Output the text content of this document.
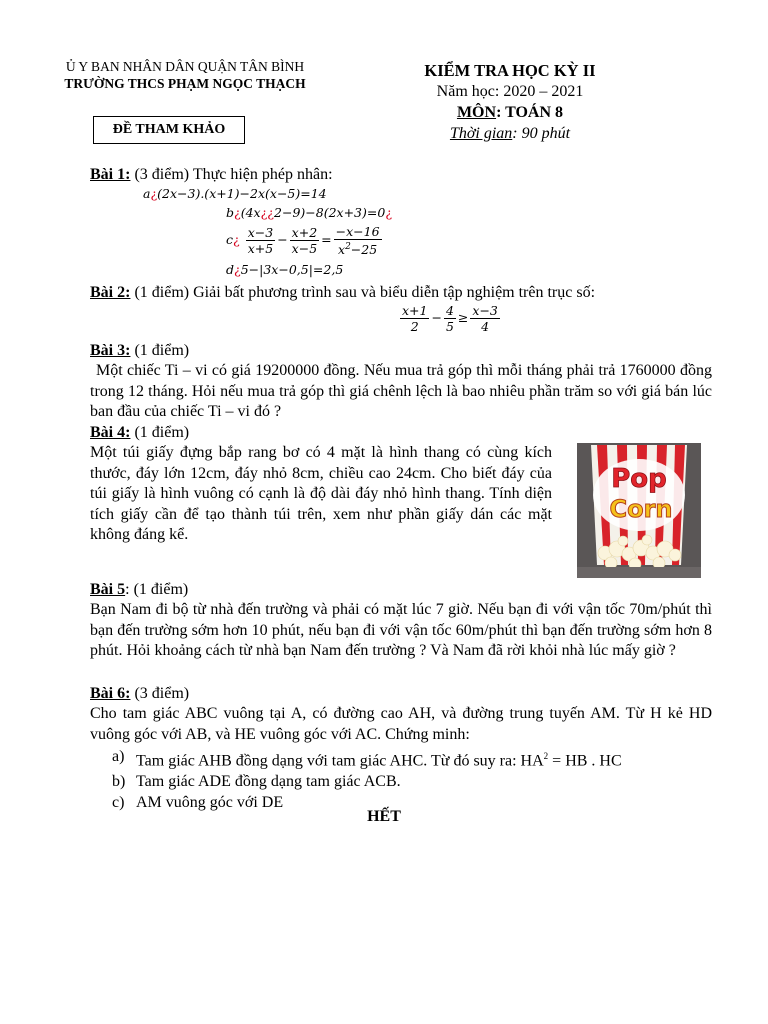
Ủ Y BAN NHÂN DÂN QUẬN TÂN BÌNH
TRƯỜNG THCS PHẠM NGỌC THẠCH
ĐỀ THAM KHẢO
KIỂM TRA HỌC KỲ II
Năm học: 2020 – 2021
MÔN: TOÁN 8
Thời gian: 90 phút
Bài 1: (3 điểm) Thực hiện phép nhân:
a¿(2x−3).(x+1)−2x(x−5)=14
b¿(4x¿¿2−9)−8(2x+3)=0¿
c¿ $\frac{x-3}{x+5} - \frac{x+2}{x-5} = \frac{-x-16}{x^2-25}$
d¿5−|3x−0,5|=2,5
Bài 2: (1 điểm) Giải bất phương trình sau và biểu diễn tập nghiệm trên trục số:
$\frac{x+1}{2} - \frac{4}{5} \ge \frac{x-3}{4}$
Bài 3: (1 điểm)
Một chiếc Ti – vi có giá 19200000 đồng. Nếu mua trả góp thì mỗi tháng phải trả 1760000 đồng trong 12 tháng. Hỏi nếu mua trả góp thì giá chênh lệch là bao nhiêu phần trăm so với giá bán lúc ban đầu của chiếc Ti – vi đó ?
Bài 4: (1 điểm)
Một túi giấy đựng bắp rang bơ có 4 mặt là hình thang có cùng kích thước, đáy lớn 12cm, đáy nhỏ 8cm, chiều cao 24cm. Cho biết đáy của túi giấy là hình vuông có cạnh là độ dài đáy nhỏ hình thang. Tính diện tích giấy cần để tạo thành túi trên, xem như phần giấy dán các mặt không đáng kể.
Pop
Corn
Bài 5: (1 điểm)
Bạn Nam đi bộ từ nhà đến trường và phải có mặt lúc 7 giờ. Nếu bạn đi với vận tốc 70m/phút thì bạn đến trường sớm hơn 10 phút, nếu bạn đi với vận tốc 60m/phút thì bạn đến trường sớm hơn 8 phút. Hỏi khoảng cách từ nhà bạn Nam đến trường ? Và Nam đã rời khỏi nhà lúc mấy giờ ?
Bài 6: (3 điểm)
Cho tam giác ABC vuông tại A, có đường cao AH, và đường trung tuyến AM. Từ H kẻ HD vuông góc với AB, và HE vuông góc với AC. Chứng minh:
a) Tam giác AHB đồng dạng với tam giác AHC. Từ đó suy ra: $HA^2$ = HB . HC
b) Tam giác ADE đồng dạng tam giác ACB.
c) AM vuông góc với DE
HẾT
